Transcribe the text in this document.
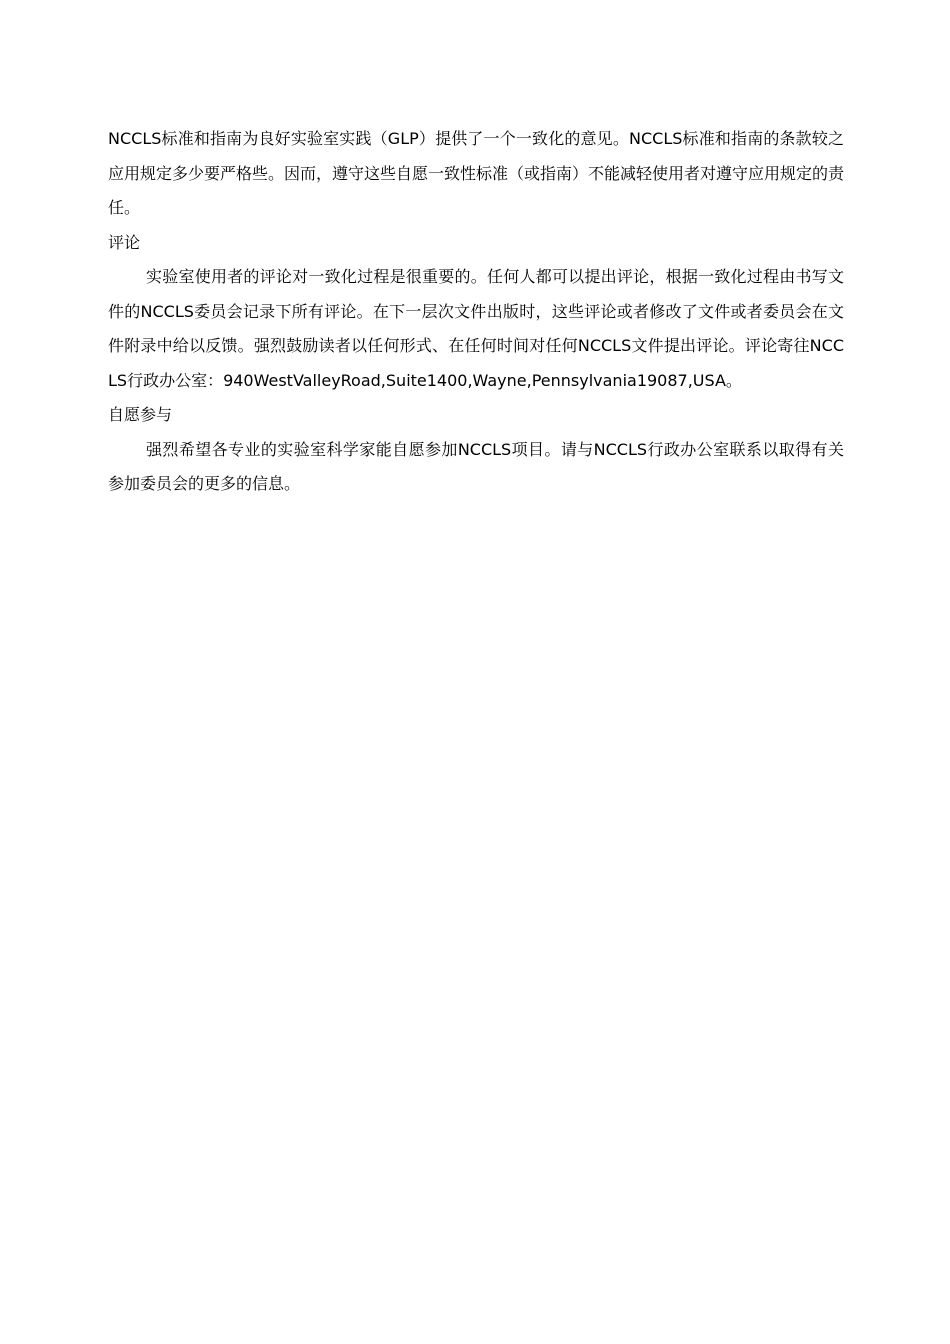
NCCLS标准和指南为良好实验室实践（GLP）提供了一个一致化的意见。NCCLS标准和指南的条款较之应用规定多少要严格些。因而，遵守这些自愿一致性标准（或指南）不能减轻使用者对遵守应用规定的责任。

评论

实验室使用者的评论对一致化过程是很重要的。任何人都可以提出评论，根据一致化过程由书写文件的NCCLS委员会记录下所有评论。在下一层次文件出版时，这些评论或者修改了文件或者委员会在文件附录中给以反馈。强烈鼓励读者以任何形式、在任何时间对任何NCCLS文件提出评论。评论寄往NCCLS行政办公室：940WestValleyRoad,Suite1400,Wayne,Pennsylvania19087,USA。

自愿参与

强烈希望各专业的实验室科学家能自愿参加NCCLS项目。请与NCCLS行政办公室联系以取得有关参加委员会的更多的信息。
